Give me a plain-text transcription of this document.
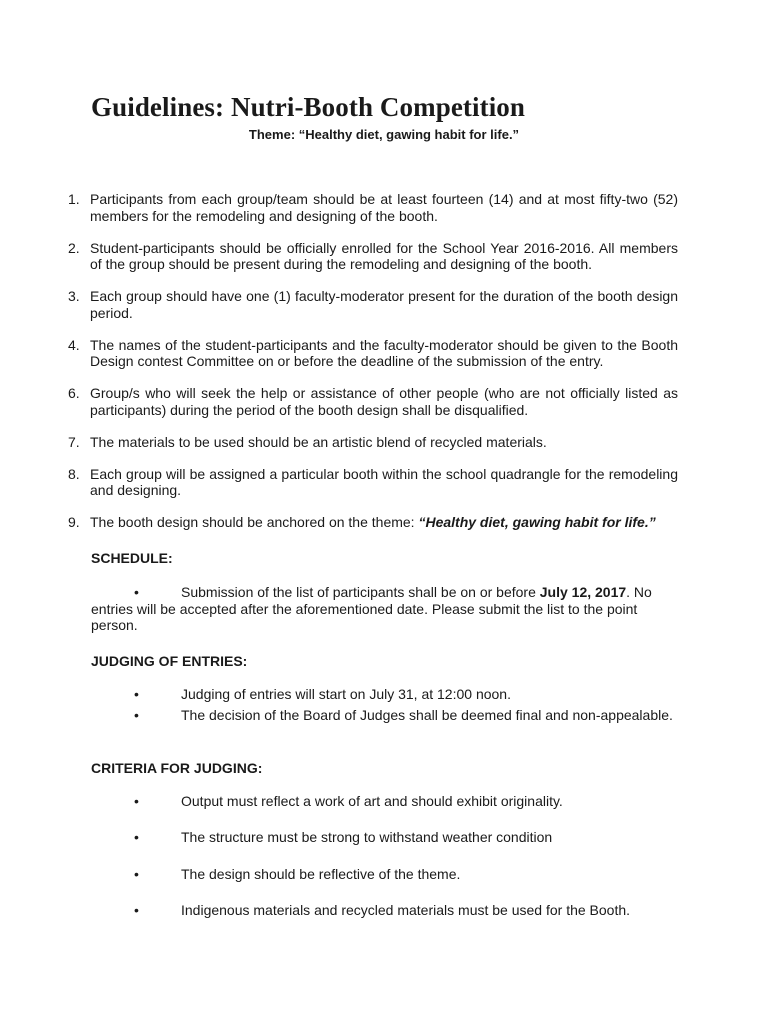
Guidelines: Nutri-Booth Competition
Theme: “Healthy diet, gawing habit for life.”
1. Participants from each group/team should be at least fourteen (14) and at most fifty-two (52) members for the remodeling and designing of the booth.
2. Student-participants should be officially enrolled for the School Year 2016-2016. All members of the group should be present during the remodeling and designing of the booth.
3. Each group should have one (1) faculty-moderator present for the duration of the booth design period.
4. The names of the student-participants and the faculty-moderator should be given to the Booth Design contest Committee on or before the deadline of the submission of the entry.
6. Group/s who will seek the help or assistance of other people (who are not officially listed as participants) during the period of the booth design shall be disqualified.
7. The materials to be used should be an artistic blend of recycled materials.
8. Each group will be assigned a particular booth within the school quadrangle for the remodeling and designing.
9. The booth design should be anchored on the theme: “Healthy diet, gawing habit for life.”
SCHEDULE:
•	Submission of the list of participants shall be on or before July 12, 2017. No entries will be accepted after the aforementioned date. Please submit the list to the point person.
JUDGING OF ENTRIES:
•	Judging of entries will start on July 31, at 12:00 noon.
•	The decision of the Board of Judges shall be deemed final and non-appealable.
CRITERIA FOR JUDGING:
•	Output must reflect a work of art and should exhibit originality.
•	The structure must be strong to withstand weather condition
•	The design should be reflective of the theme.
•	Indigenous materials and recycled materials must be used for the Booth.
